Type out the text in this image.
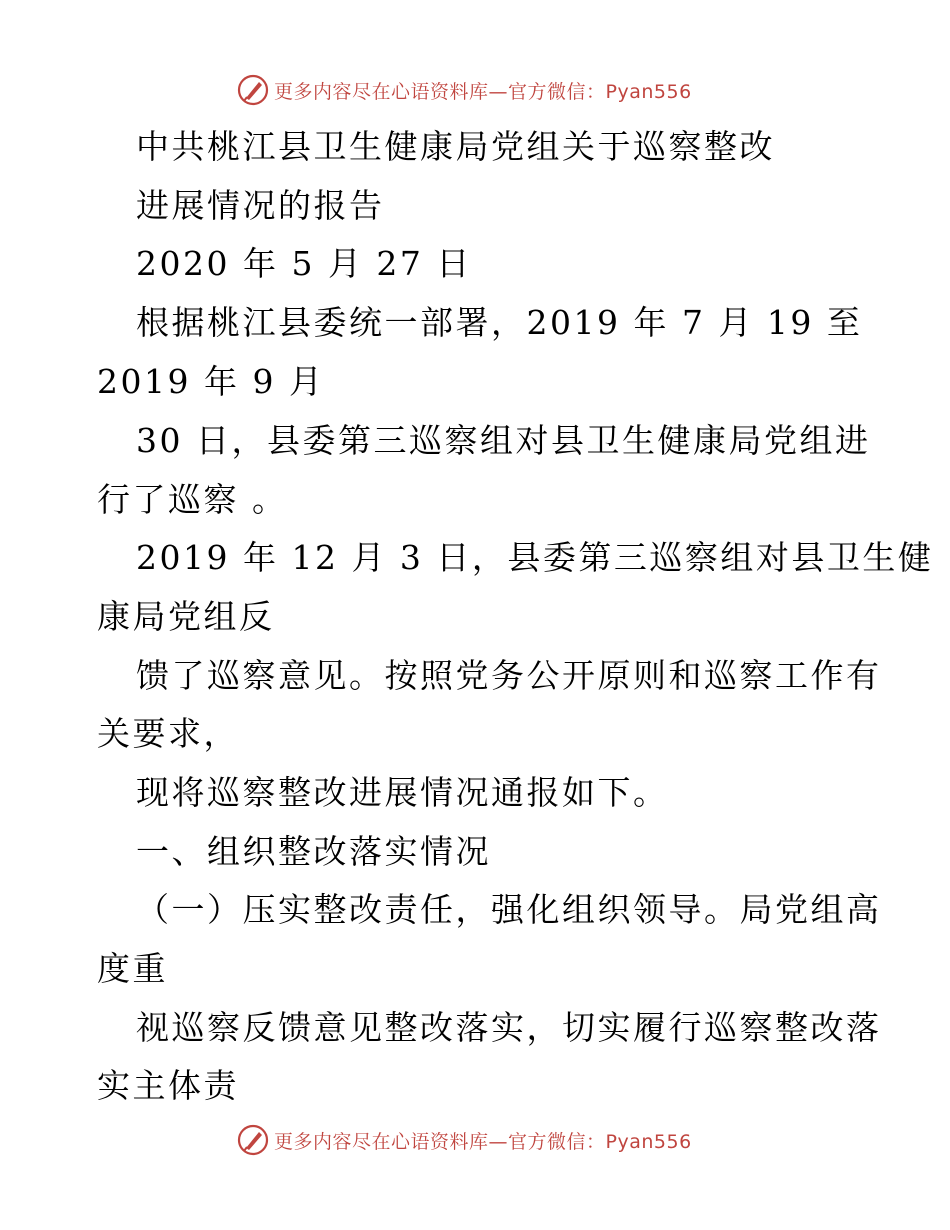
更多内容尽在心语资料库—官方微信：Pyan556
中共桃江县卫生健康局党组关于巡察整改
进展情况的报告
2020 年 5 月 27 日
根据桃江县委统一部署，2019 年 7 月 19 至
2019 年 9 月
30 日，县委第三巡察组对县卫生健康局党组进
行了巡察 。
2019 年 12 月 3 日，县委第三巡察组对县卫生健
康局党组反
馈了巡察意见。按照党务公开原则和巡察工作有
关要求，
现将巡察整改进展情况通报如下。
一、组织整改落实情况
（一）压实整改责任，强化组织领导。局党组高
度重
视巡察反馈意见整改落实，切实履行巡察整改落
实主体责
更多内容尽在心语资料库—官方微信：Pyan556
